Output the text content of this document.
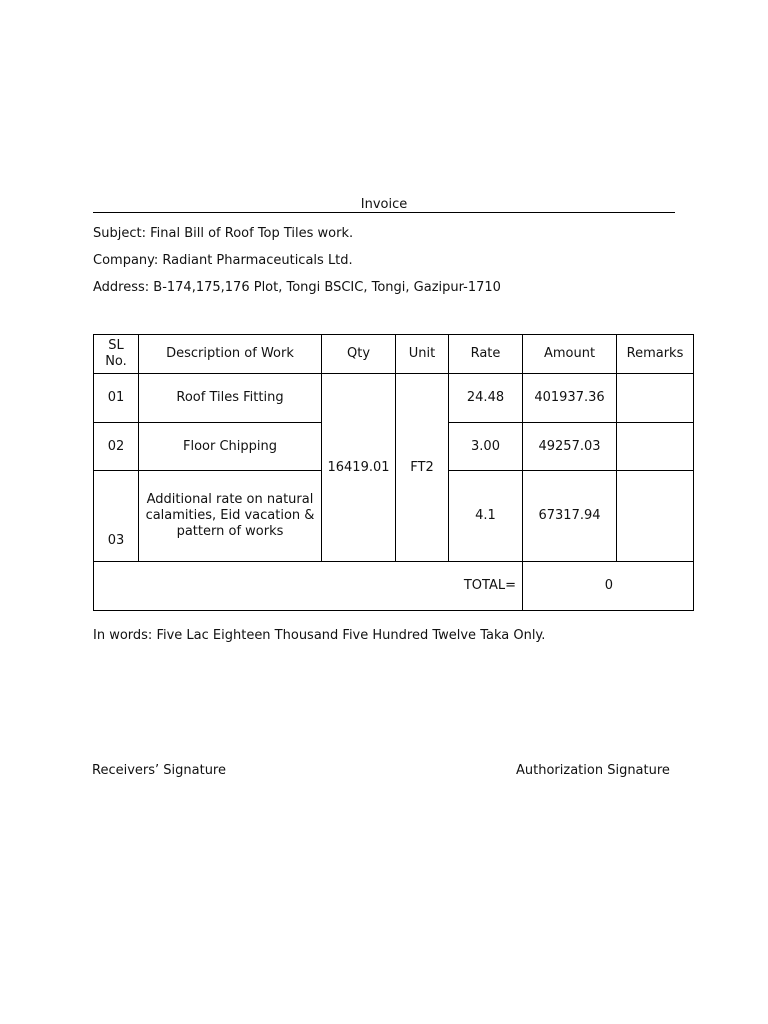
Invoice
Subject: Final Bill of Roof Top Tiles work.
Company: Radiant Pharmaceuticals Ltd.
Address: B-174,175,176 Plot, Tongi BSCIC, Tongi, Gazipur-1710
SL
No.	Description of Work	Qty	Unit	Rate	Amount	Remarks
01	Roof Tiles Fitting	16419.01	FT2	24.48	401937.36	
02	Floor Chipping			3.00	49257.03	
03	Additional rate on natural calamities, Eid vacation & pattern of works			4.1	67317.94	
TOTAL=					0	
In words: Five Lac Eighteen Thousand Five Hundred Twelve Taka Only.
Receivers’ Signature	Authorization Signature
